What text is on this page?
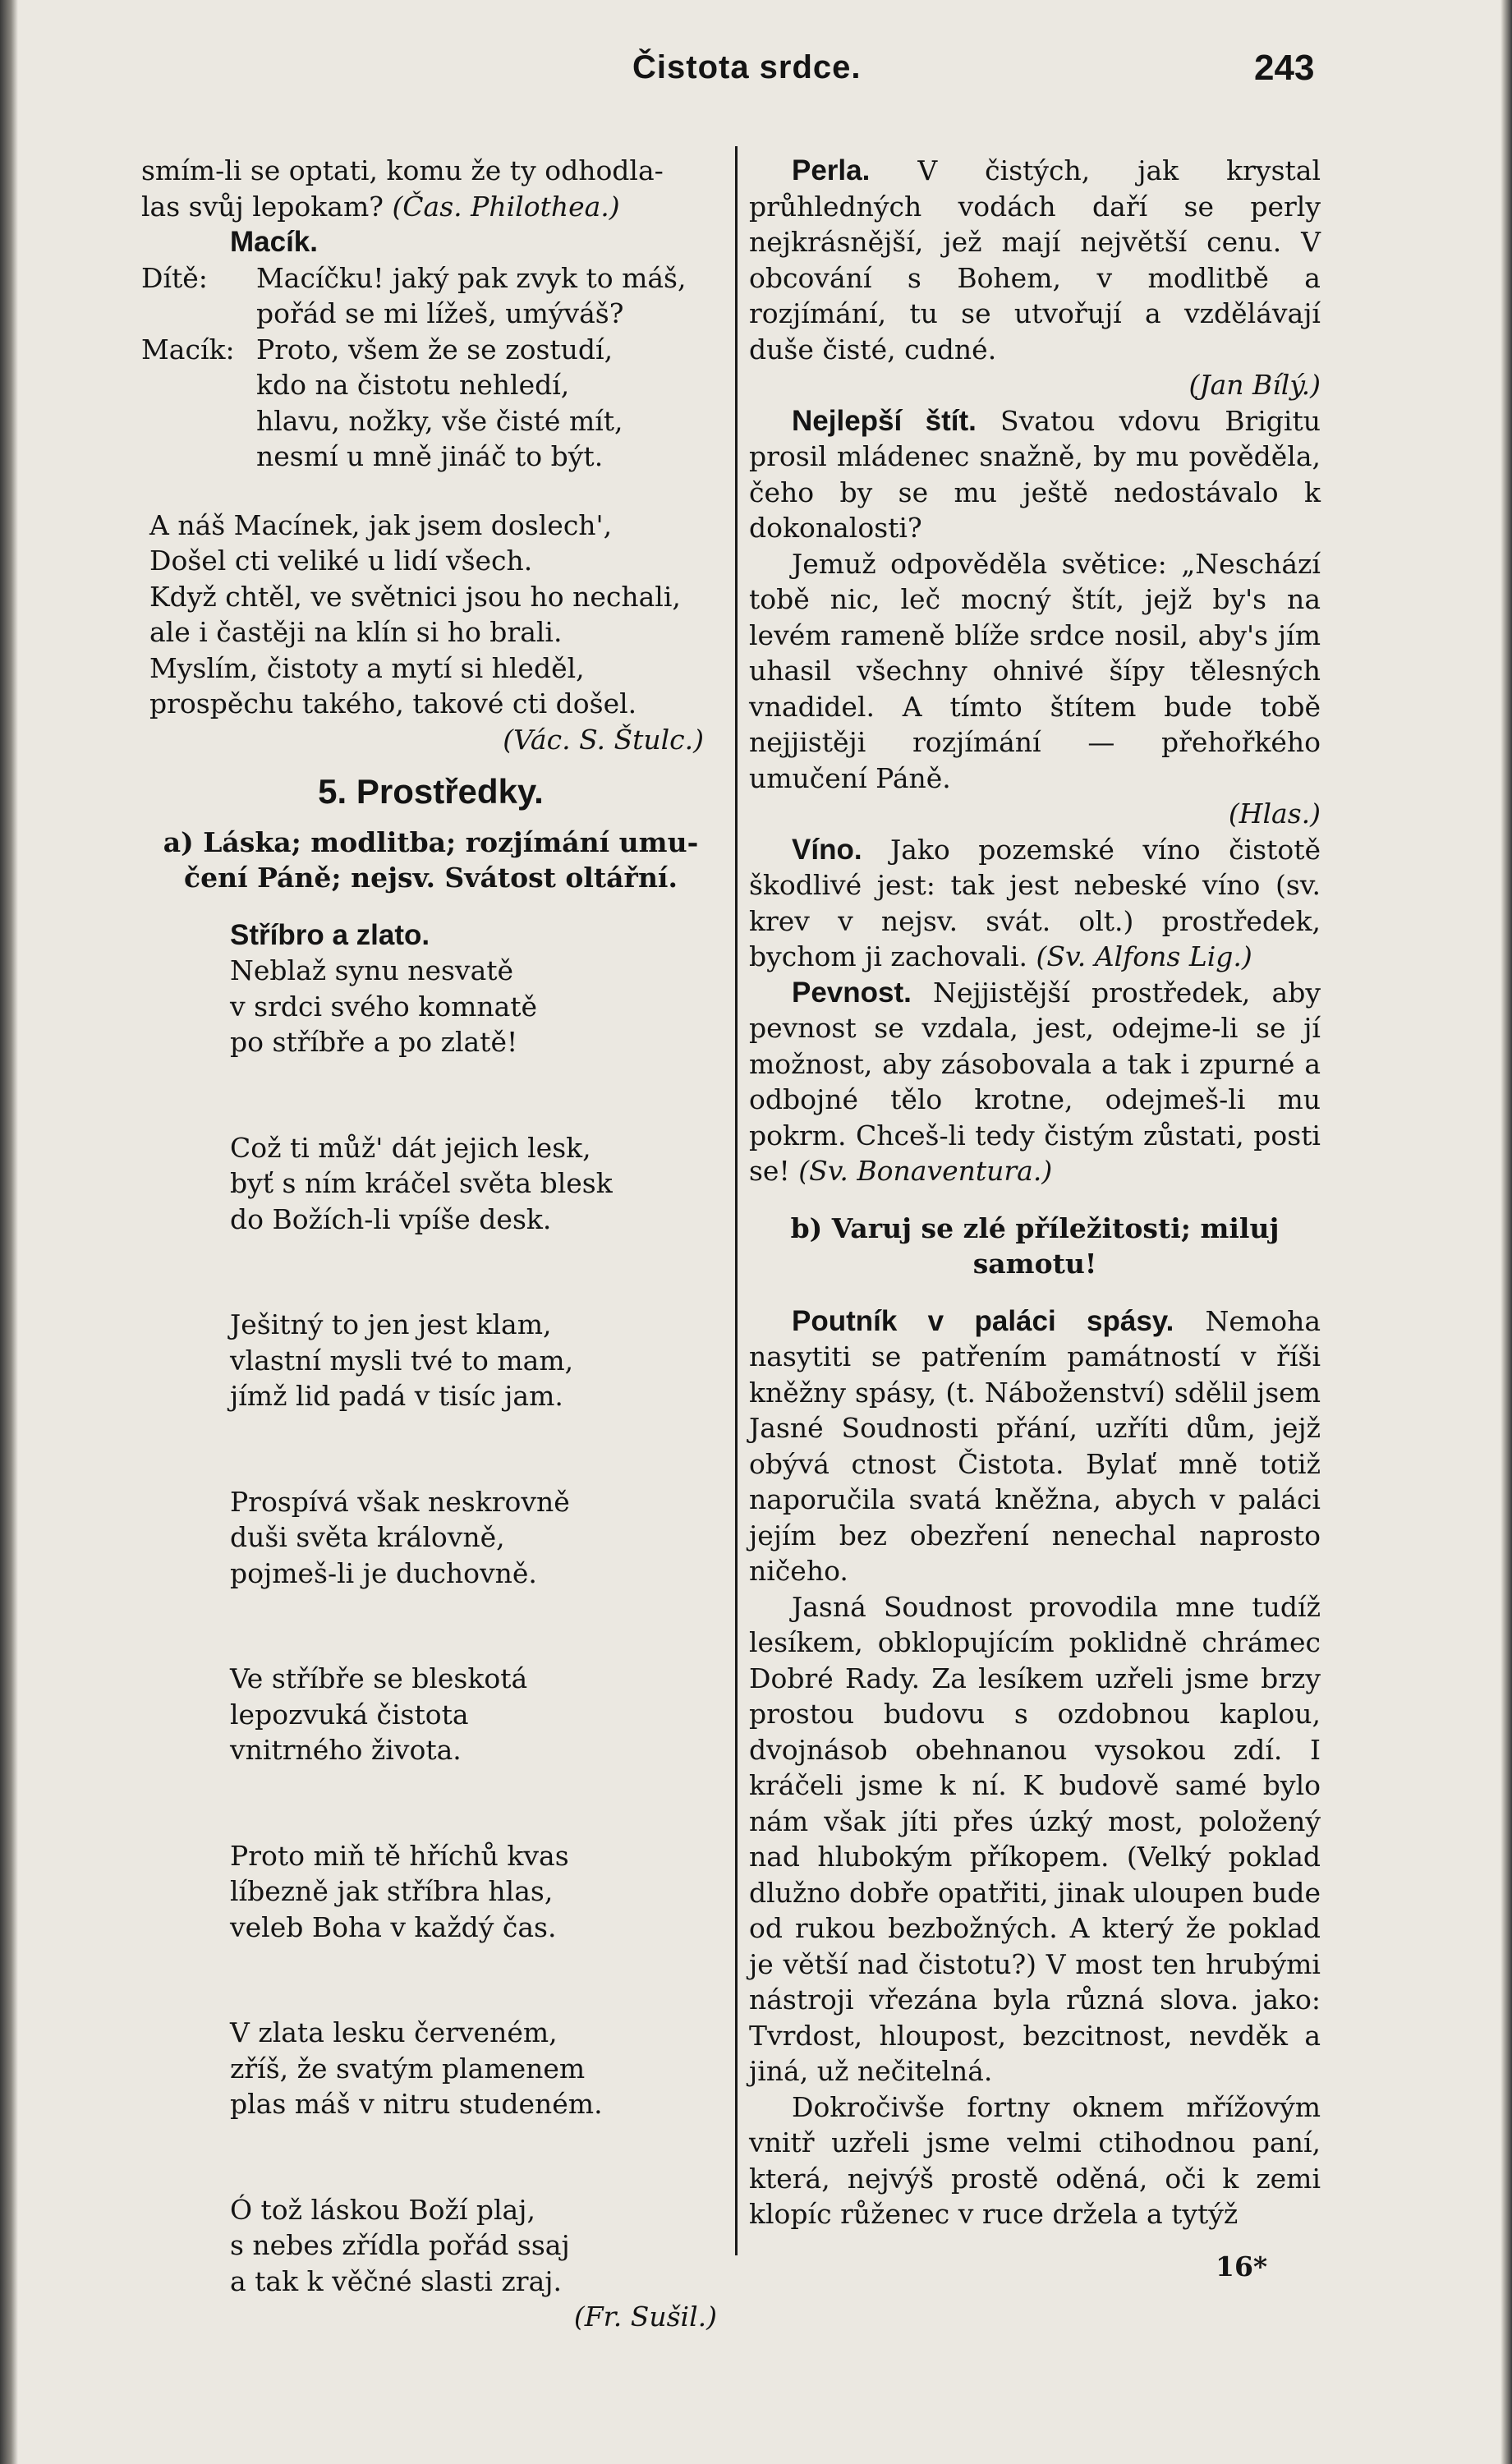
Čistota srdce.	243

smím-li se optati, komu že ty odhodla-
las svůj lepokam? (Čas. Philothea.)

Macík.

Dítě:	Macíčku! jaký pak zvyk to máš,

pořád se mi lížeš, umýváš?

Macík: Proto, všem že se zostudí,

kdo na čistotu nehledí,

hlavu, nožky, vše čisté mít,

nesmí u mně jináč to být.

A náš Macínek, jak jsem doslech',

Došel cti veliké u lidí všech.

Když chtěl, ve světnici jsou ho nechali,

ale i častěji na klín si ho brali.

Myslím, čistoty a mytí si hleděl,

prospěchu takého, takové cti došel.

(Vác. S. Štulc.)

5. Prostředky.

a) Láska; modlitba; rozjímání umu-čení Páně; nejsv. Svátost oltářní.

Stříbro a zlato.

Neblaž synu nesvatě

v srdci svého komnatě

po stříbře a po zlatě!

Což ti můž' dát jejich lesk,

byť s ním kráčel světa blesk

do Božích-li vpíše desk.

Ješitný to jen jest klam,

vlastní mysli tvé to mam,

jímž lid padá v tisíc jam.

Prospívá však neskrovně

duši světa královně,

pojmeš-li je duchovně.

Ve stříbře se bleskotá

lepozvuká čistota

vnitrného života.

Proto miň tě hříchů kvas

líbezně jak stříbra hlas,

veleb Boha v každý čas.

V zlata lesku červeném,

zříš, že svatým plamenem

plas máš v nitru studeném.

Ó tož láskou Boží plaj,

s nebes zřídla pořád ssaj

a tak k věčné slasti zraj.

(Fr. Sušil.)

Perla. V čistých, jak krystal průhledných vodách daří se perly nejkrásnější, jež mají největší cenu. V obcování s Bohem, v modlitbě a rozjímání, tu se utvořují a vzdělávají duše čisté, cudné.

(Jan Bílý.)

Nejlepší štít. Svatou vdovu Brigitu prosil mládenec snažně, by mu pověděla, čeho by se mu ještě nedostávalo k dokonalosti?

Jemuž odpověděla světice: „Neschází tobě nic, leč mocný štít, jejž by's na levém rameně blíže srdce nosil, aby's jím uhasil všechny ohnivé šípy tělesných vnadidel. A tímto štítem bude tobě nejjistěji rozjímání — přehořkého umučení Páně.

(Hlas.)

Víno. Jako pozemské víno čistotě škodlivé jest: tak jest nebeské víno (sv. krev v nejsv. svát. olt.) prostředek, bychom ji zachovali. (Sv. Alfons Lig.)

Pevnost. Nejjistější prostředek, aby pevnost se vzdala, jest, odejme-li se jí možnost, aby zásobovala a tak i zpurné a odbojné tělo krotne, odejmeš-li mu pokrm. Chceš-li tedy čistým zůstati, posti se! (Sv. Bonaventura.)

b) Varuj se zlé příležitosti; miluj samotu!

Poutník v paláci spásy. Nemoha nasytiti se patřením památností v říši kněžny spásy, (t. Náboženství) sdělil jsem Jasné Soudnosti přání, uzříti dům, jejž obývá ctnost Čistota. Bylať mně totiž naporučila svatá kněžna, abych v paláci jejím bez obezření nenechal naprosto ničeho.

Jasná Soudnost provodila mne tudíž lesíkem, obklopujícím poklidně chrámec Dobré Rady. Za lesíkem uzřeli jsme brzy prostou budovu s ozdobnou kaplou, dvojnásob obehnanou vysokou zdí. I kráčeli jsme k ní. K budově samé bylo nám však jíti přes úzký most, položený nad hlubokým příkopem. (Velký poklad dlužno dobře opatřiti, jinak uloupen bude od rukou bezbožných. A který že poklad je větší nad čistotu?) V most ten hrubými nástroji vřezána byla různá slova. jako: Tvrdost, hloupost, bezcitnost, nevděk a jiná, už nečitelná.

Dokročivše fortny oknem mřížovým vnitř uzřeli jsme velmi ctihodnou paní, která, nejvýš prostě oděná, oči k zemi klopíc růženec v ruce držela a tytýž

16*
